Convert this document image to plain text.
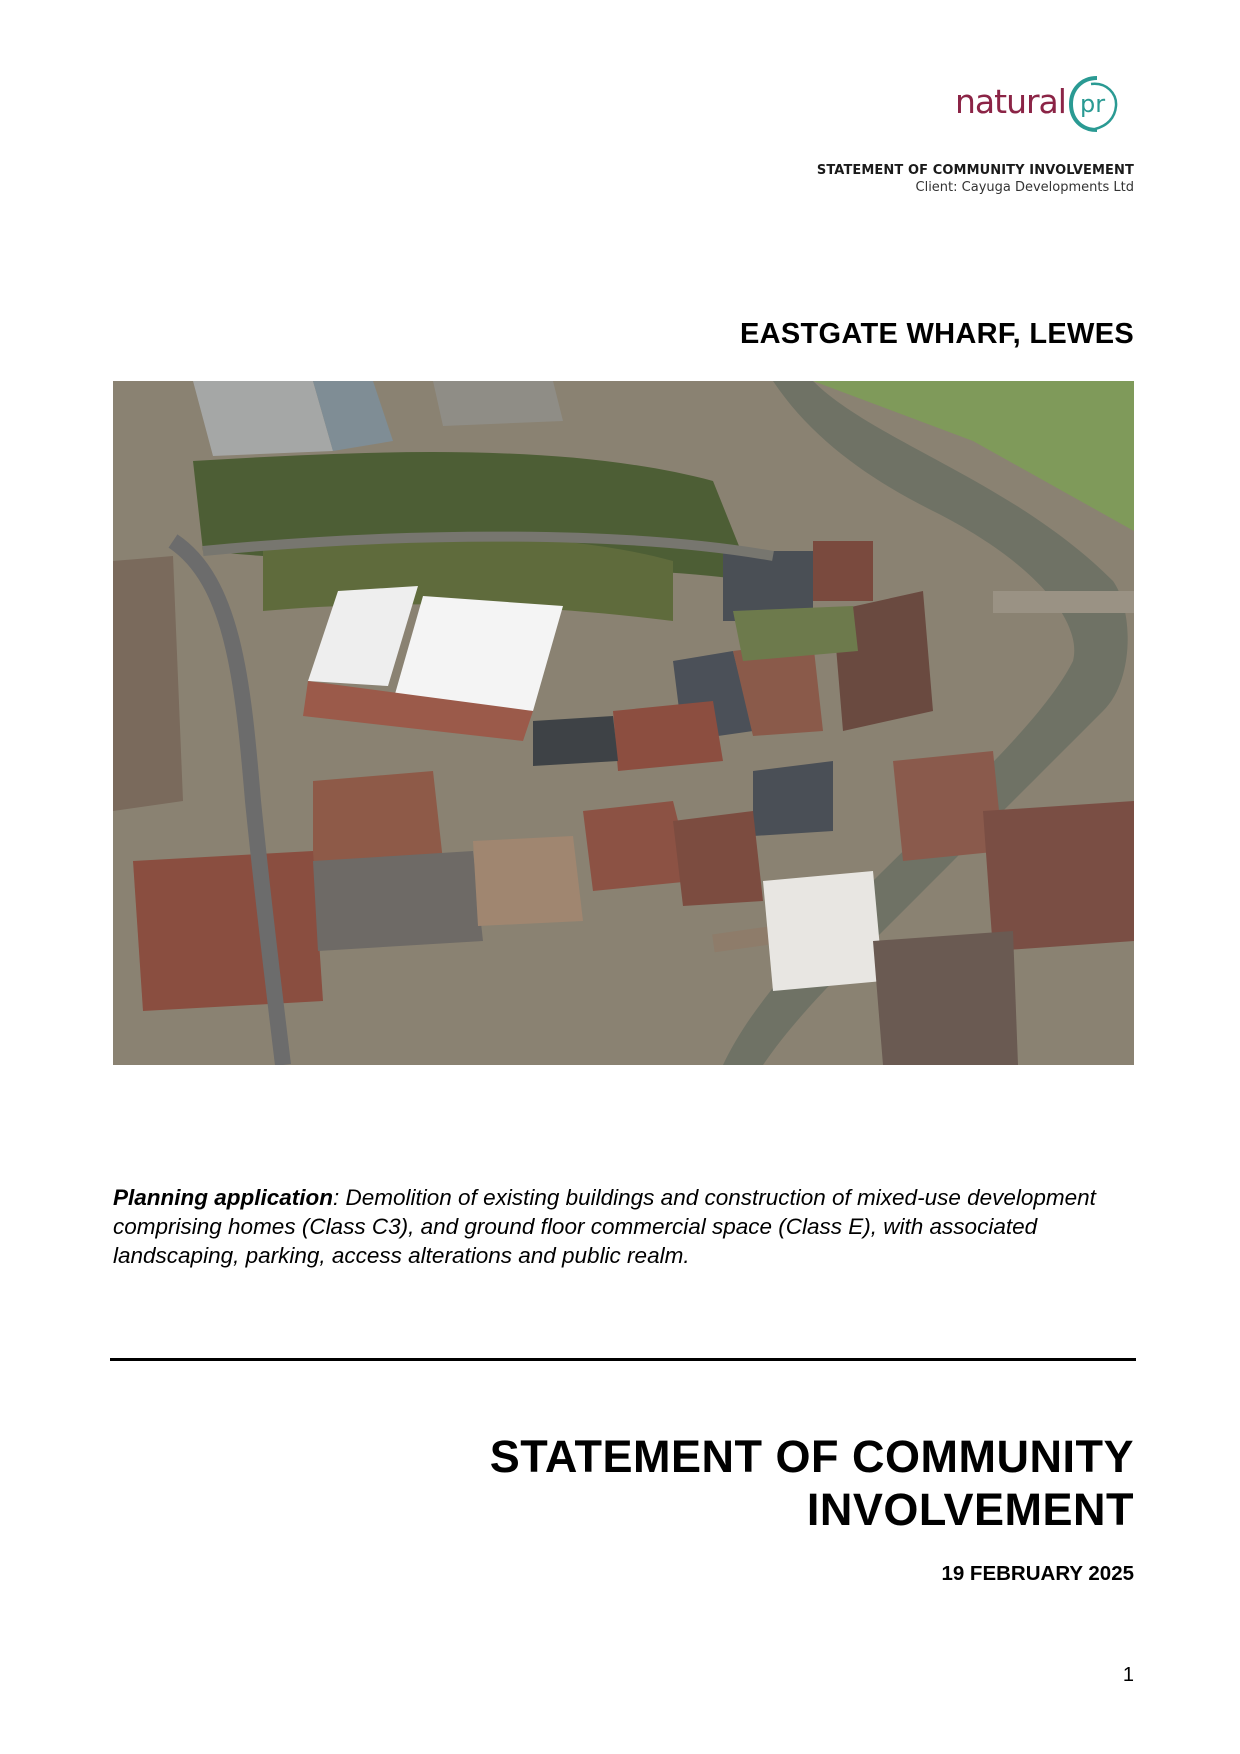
natural pr
STATEMENT OF COMMUNITY INVOLVEMENT
Client: Cayuga Developments Ltd
EASTGATE WHARF, LEWES
Planning application: Demolition of existing buildings and construction of mixed-use development comprising homes (Class C3), and ground floor commercial space (Class E), with associated landscaping, parking, access alterations and public realm.
STATEMENT OF COMMUNITY
INVOLVEMENT
19 FEBRUARY 2025
1
